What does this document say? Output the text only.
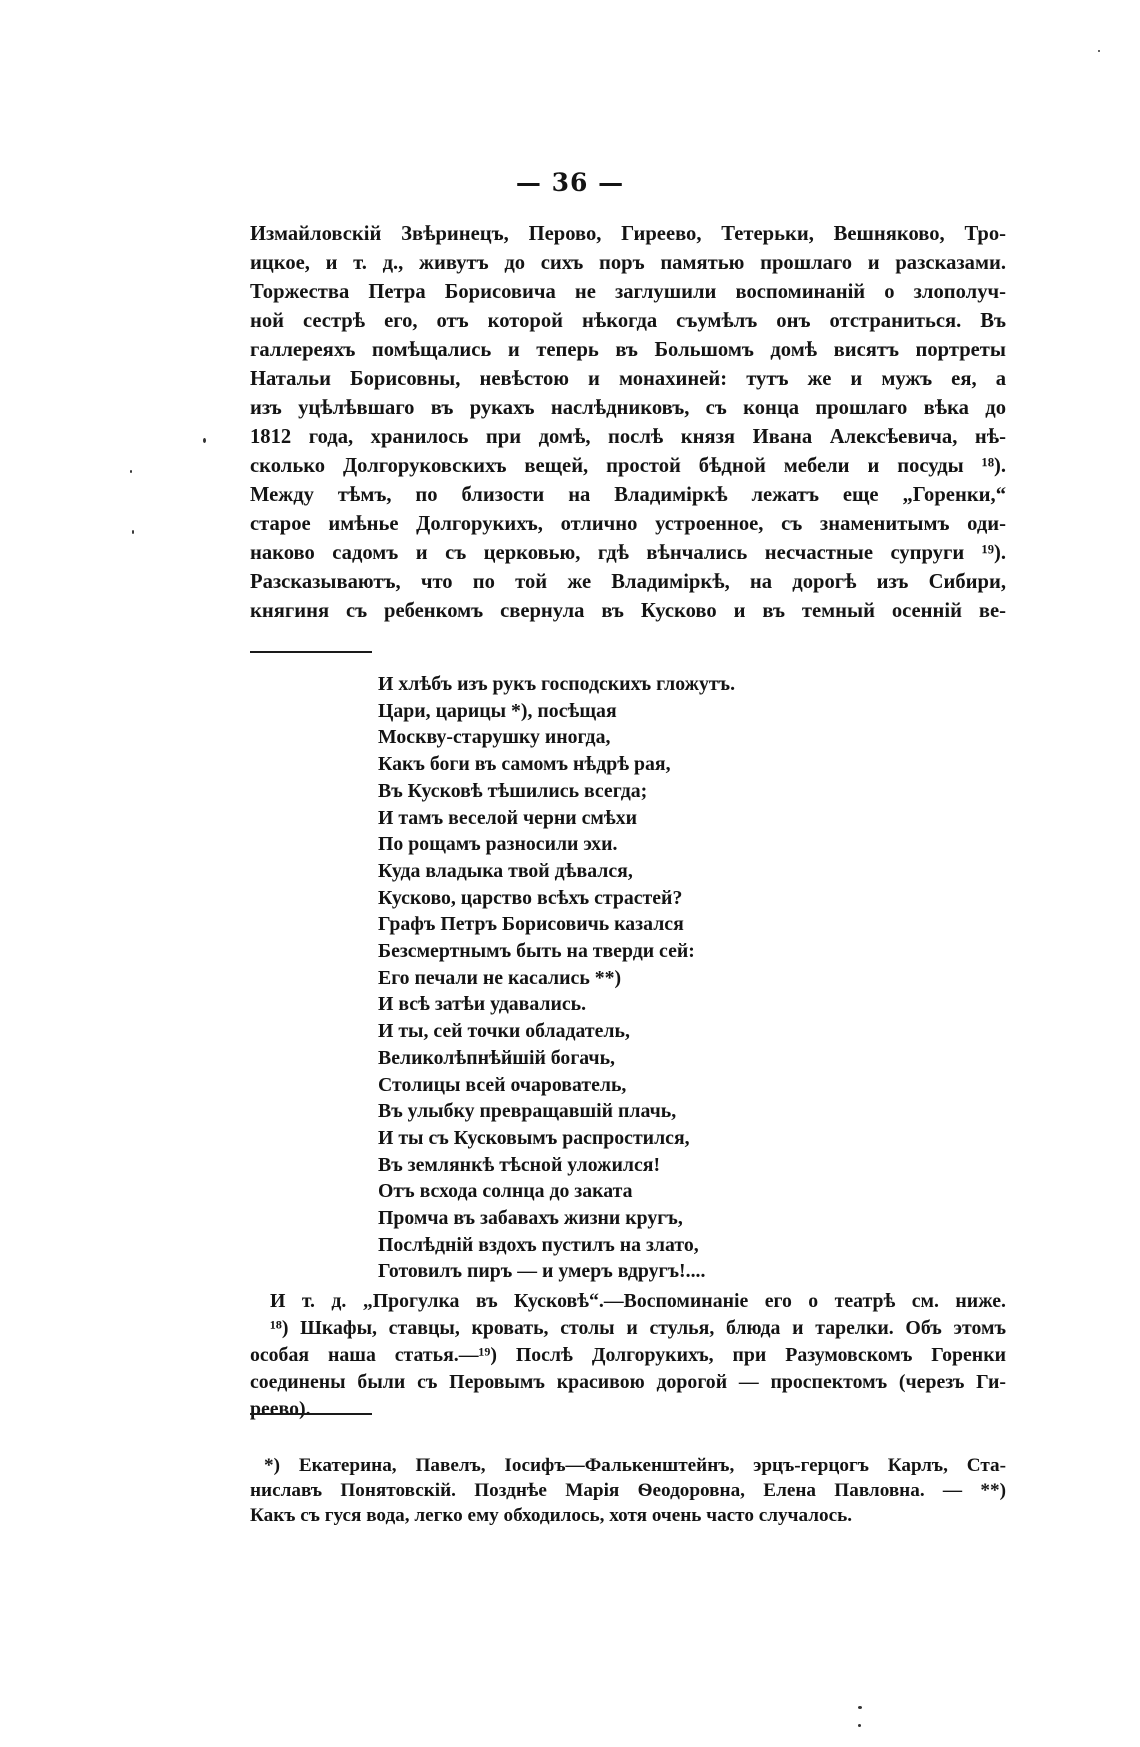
— 36 —
Измайловскій Звѣринецъ, Перово, Гиреево, Тетерьки, Вешняково, Тро-
ицкое, и т. д., живутъ до сихъ поръ памятью прошлаго и разсказами.
Торжества Петра Борисовича не заглушили воспоминаній о злополуч-
ной сестрѣ его, отъ которой нѣкогда съумѣлъ онъ отстраниться. Въ
галлереяхъ помѣщались и теперь въ Большомъ домѣ висятъ портреты
Натальи Борисовны, невѣстою и монахиней: тутъ же и мужъ ея, а
изъ уцѣлѣвшаго въ рукахъ наслѣдниковъ, съ конца прошлаго вѣка до
1812 года, хранилось при домѣ, послѣ князя Ивана Алексѣевича, нѣ-
сколько Долгоруковскихъ вещей, простой бѣдной мебели и посуды ¹⁸).
Между тѣмъ, по близости на Владимiркѣ лежатъ еще „Горенки,“
старое имѣнье Долгорукихъ, отлично устроенное, съ знаменитымъ оди-
наково садомъ и съ церковью, гдѣ вѣнчались несчастные супруги ¹⁹).
Разсказываютъ, что по той же Владимiркѣ, на дорогѣ изъ Сибири,
княгиня съ ребенкомъ свернула въ Кусково и въ темный осенній ве-
И хлѣбъ изъ рукъ господскихъ гложутъ.
Цари, царицы *), посѣщая
Москву-старушку иногда,
Какъ боги въ самомъ нѣдрѣ рая,
Въ Кусковѣ тѣшились всегда;
И тамъ веселой черни смѣхи
По рощамъ разносили эхи.
Куда владыка твой дѣвался,
Кусково, царство всѣхъ страстей?
Графъ Петръ Борисовичь казался
Безсмертнымъ быть на тверди сей:
Его печали не касались **)
И всѣ затѣи удавались.
И ты, сей точки обладатель,
Великолѣпнѣйшій богачь,
Столицы всей очарователь,
Въ улыбку превращавшій плачь,
И ты съ Кусковымъ распростился,
Въ землянкѣ тѣсной уложился!
Отъ всхода солнца до заката
Промча въ забавахъ жизни кругъ,
Послѣдній вздохъ пустилъ на злато,
Готовилъ пиръ — и умеръ вдругъ!....
И т. д. „Прогулка въ Кусковѣ“.—Воспоминаніе его о театрѣ см. ниже.
¹⁸) Шкафы, ставцы, кровать, столы и стулья, блюда и тарелки. Объ этомъ
особая наша статья.—¹⁹) Послѣ Долгорукихъ, при Разумовскомъ Горенки
соединены были съ Перовымъ красивою дорогой — проспектомъ (черезъ Ги-
реево).
*) Екатерина, Павелъ, Іосифъ—Фалькенштейнъ, эрцъ-герцогъ Карлъ, Ста-
ниславъ Понятовскій. Позднѣе Марія Ѳеодоровна, Елена Павловна. — **)
Какъ съ гуся вода, легко ему обходилось, хотя очень часто случалось.
